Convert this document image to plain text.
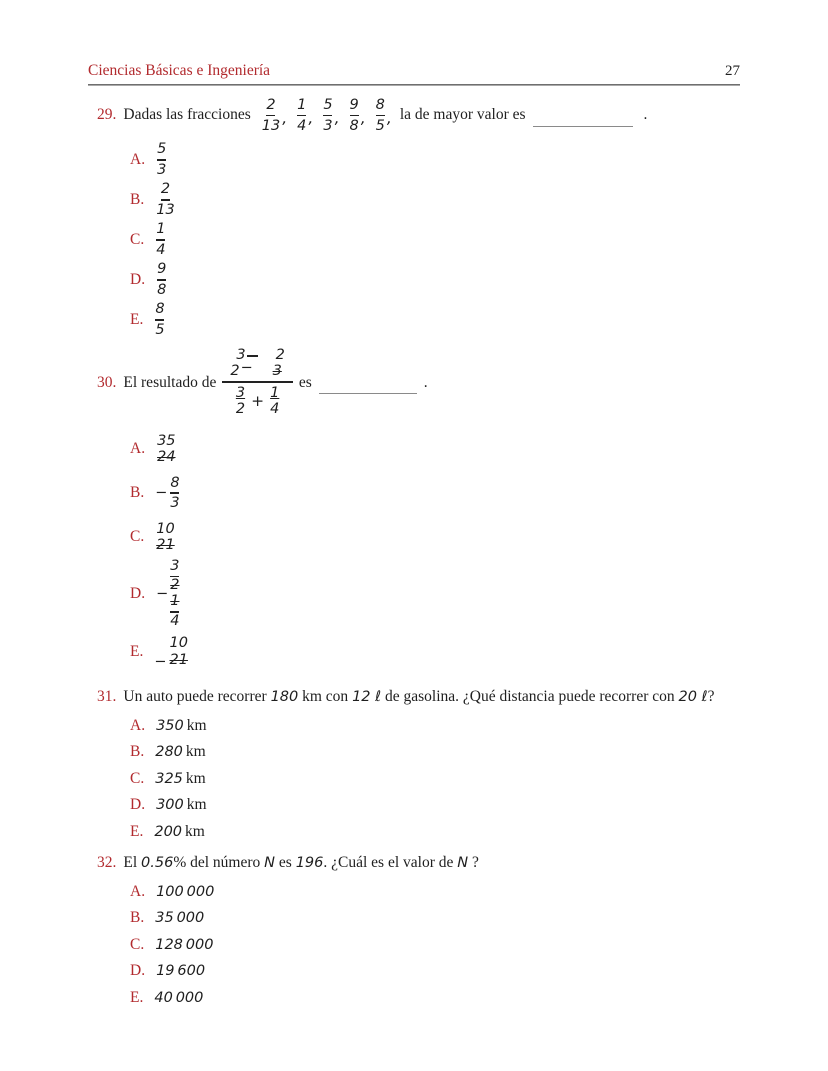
Ciencias Básicas e Ingeniería	27
29. Dadas las fracciones $\frac{2}{13}$ , $\frac{1}{4}$ , $\frac{5}{3}$ , $\frac{9}{8}$ , $\frac{8}{5}$ , la de mayor valor es	.
A. $\frac{5}{3}$
B. $\frac{2}{13}$
C. $\frac{1}{4}$
D. $\frac{9}{8}$
E. $\frac{8}{5}$
30. El resultado de
3
2 −
2
3
$\frac{3}{2} + \frac{1}{4}$
es	.
A. 35
24
B. − $\frac{8}{3}$
C. 10
21
D. −
3
2
1
4
E.
−
10
21
31. Un auto puede recorrer 180 km con 12 ℓ de gasolina. ¿Qué distancia puede recorrer con 20 ℓ ?
A. 350 km
B. 280 km
C. 325 km
D. 300 km
E. 200 km
32. El 0.56 % del número N es 196 . ¿Cuál es el valor de N ?
A. 100 000
B. 35 000
C. 128 000
D. 19 600
E. 40 000
